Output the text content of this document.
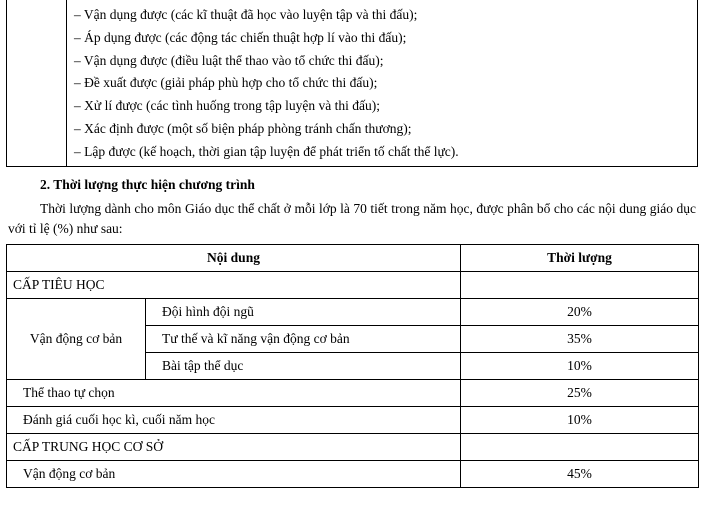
– Vận dụng được (các kĩ thuật đã học vào luyện tập và thi đấu);
– Áp dụng được (các động tác chiến thuật hợp lí vào thi đấu);
– Vận dụng được (điều luật thể thao vào tổ chức thi đấu);
– Đề xuất được (giải pháp phù hợp cho tổ chức thi đấu);
– Xử lí được (các tình huống trong tập luyện và thi đấu);
– Xác định được (một số biện pháp phòng tránh chấn thương);
– Lập được (kế hoạch, thời gian tập luyện để phát triển tố chất thể lực).
2. Thời lượng thực hiện chương trình

Thời lượng dành cho môn Giáo dục thể chất ở mỗi lớp là 70 tiết trong năm học, được phân bổ cho các nội dung giáo dục với tỉ lệ (%) như sau:

Nội dung		Thời lượng
CẤP TIÊU HỌC		
Vận động cơ bản	Đội hình đội ngũ	20%
	Tư thế và kĩ năng vận động cơ bản	35%
	Bài tập thể dục	10%
Thể thao tự chọn		25%
Đánh giá cuối học kì, cuối năm học		10%
CẤP TRUNG HỌC CƠ SỞ		
Vận động cơ bản		45%
